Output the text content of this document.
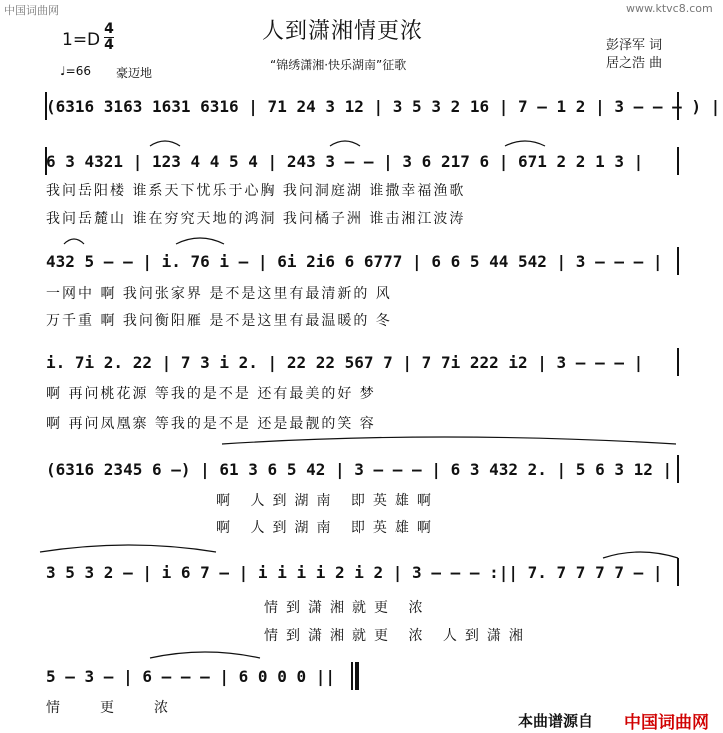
中国词曲网	www.ktvc8.com
人到潇湘情更浓
“锦绣潇湘·快乐湖南”征歌
1=D
4
4
♩=66 豪迈地
彭泽军 词
居之浩 曲
(6316 3163 1631 6316 | 71 24 3 12 | 3 5 3 2 16 | 7 – 1 2 | 3 – – – ) |
6 3 4321 | 123 4 4 5 4 | 243 3 – – | 3 6 217 6 | 671 2 2 1 3 |
我问岳阳楼 谁系天下忧乐于心胸 我问洞庭湖 谁撒幸福渔歌
我问岳麓山 谁在穷究天地的鸿洞 我问橘子洲 谁击湘江波涛
432 5 – – | i. 76 i – | 6i 2i6 6 6777 | 6 6 5 44 542 | 3 – – – |
一网中 啊 我问张家界 是不是这里有最清新的 风
万千重 啊 我问衡阳雁 是不是这里有最温暖的 冬
i. 7i 2. 22 | 7 3 i 2. | 22 22 567 7 | 7 7i 222 i2 | 3 – – – |
啊 再问桃花源 等我的是不是 还有最美的好 梦
啊 再问凤凰寨 等我的是不是 还是最靓的笑 容
(6316 2345 6 –) | 61 3 6 5 42 | 3 – – – | 6 3 432 2. | 5 6 3 12 |
啊 人到湖南 即英雄啊
啊 人到湖南 即英雄啊
3 5 3 2 – | i 6 7 – | i i i i 2 i 2 | 3 – – – :|| 7. 7 7 7 7 – |
情到潇湘就更 浓
情到潇湘就更 浓 人到潇湘
5 – 3 – | 6 – – – | 6 0 0 0 ||
情更浓
本曲谱源自 中国词曲网
